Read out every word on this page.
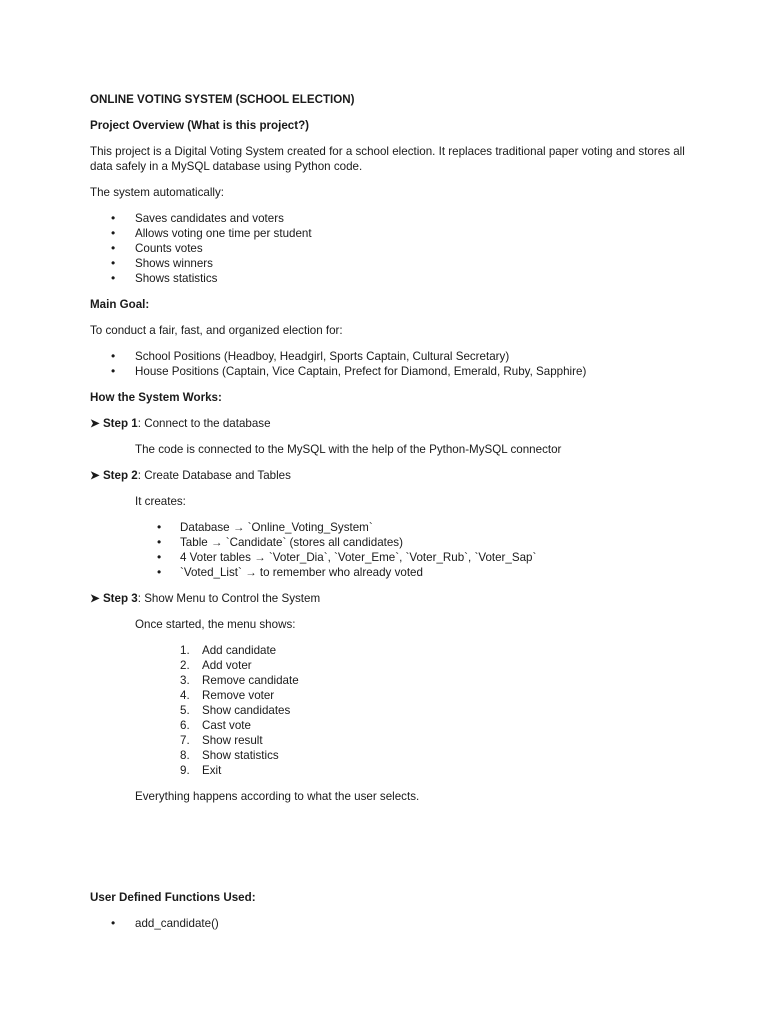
ONLINE VOTING SYSTEM (SCHOOL ELECTION)

Project Overview (What is this project?)

This project is a Digital Voting System created for a school election. It replaces traditional paper voting and stores all data safely in a MySQL database using Python code.

The system automatically:

• Saves candidates and voters
• Allows voting one time per student
• Counts votes
• Shows winners
• Shows statistics

Main Goal:

To conduct a fair, fast, and organized election for:

• School Positions (Headboy, Headgirl, Sports Captain, Cultural Secretary)
• House Positions (Captain, Vice Captain, Prefect for Diamond, Emerald, Ruby, Sapphire)

How the System Works:

➤ Step 1: Connect to the database

The code is connected to the MySQL with the help of the Python-MySQL connector

➤ Step 2: Create Database and Tables

It creates:

• Database → `Online_Voting_System`
• Table → `Candidate` (stores all candidates)
• 4 Voter tables → `Voter_Dia`, `Voter_Eme`, `Voter_Rub`, `Voter_Sap`
• `Voted_List` → to remember who already voted

➤ Step 3: Show Menu to Control the System

Once started, the menu shows:

1.	Add candidate
2.	Add voter
3.	Remove candidate
4.	Remove voter
5.	Show candidates
6.	Cast vote
7.	Show result
8.	Show statistics
9.	Exit

Everything happens according to what the user selects.

User Defined Functions Used:

• add_candidate()
